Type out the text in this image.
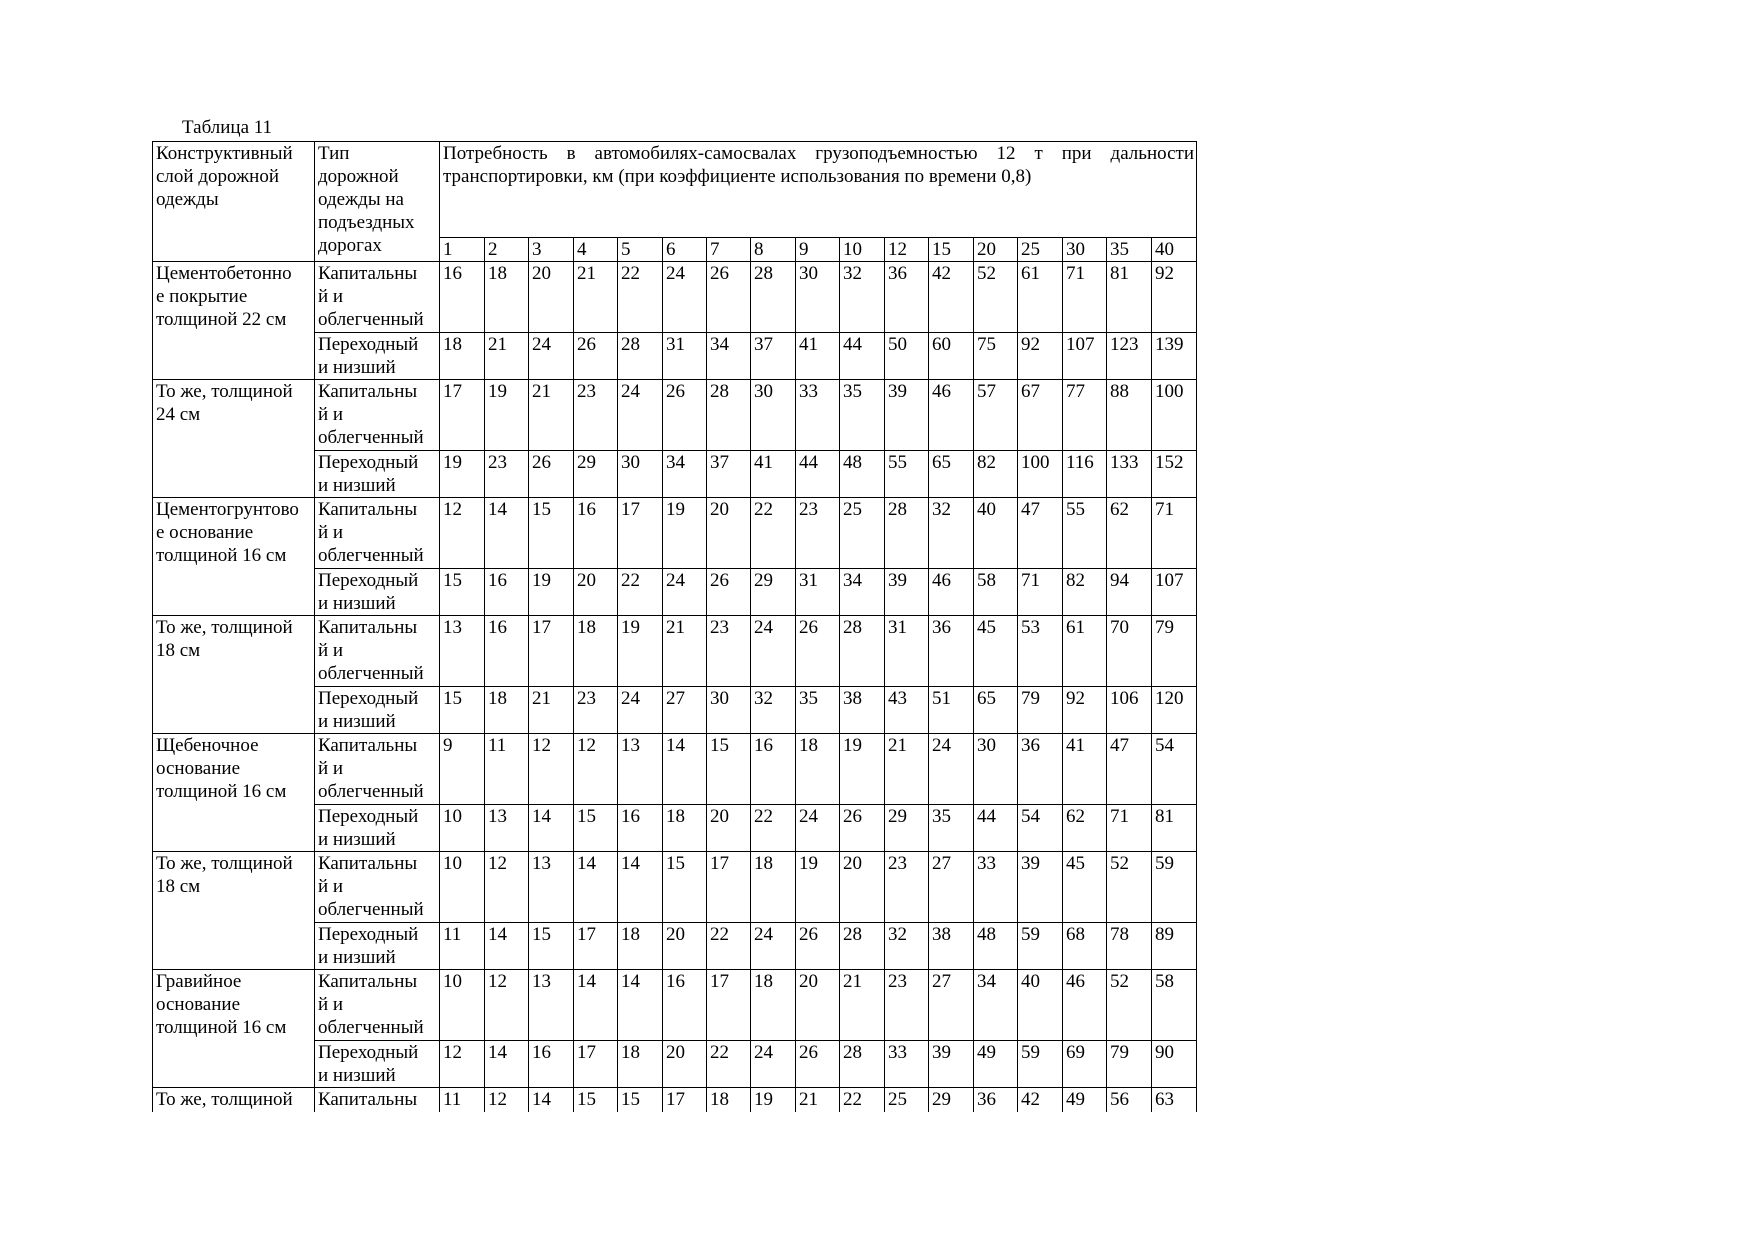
Таблица 11
Конструктивный
слой дорожной
одежды	Тип
дорожной
одежды на
подъездных
дорогах	Потребность в автомобилях-самосвалах грузоподъемностью 12 т при дальности транспортировки, км (при коэффициенте использования по времени 0,8)																
		1	2	3	4	5	6	7	8	9	10	12	15	20	25	30	35	40

Цементобетонно
е покрытие
толщиной 22 см	Капитальны
й и
облегченный	16	18	20	21	22	24	26	28	30	32	36	42	52	61	71	81	92

	Переходный
и низший	18	21	24	26	28	31	34	37	41	44	50	60	75	92	107	123	139

То же, толщиной
24 см	Капитальны
й и
облегченный	17	19	21	23	24	26	28	30	33	35	39	46	57	67	77	88	100

	Переходный
и низший	19	23	26	29	30	34	37	41	44	48	55	65	82	100	116	133	152

Цементогрунтово
е основание
толщиной 16 см	Капитальны
й и
облегченный	12	14	15	16	17	19	20	22	23	25	28	32	40	47	55	62	71

	Переходный
и низший	15	16	19	20	22	24	26	29	31	34	39	46	58	71	82	94	107

То же, толщиной
18 см	Капитальны
й и
облегченный	13	16	17	18	19	21	23	24	26	28	31	36	45	53	61	70	79

	Переходный
и низший	15	18	21	23	24	27	30	32	35	38	43	51	65	79	92	106	120

Щебеночное
основание
толщиной 16 см	Капитальны
й и
облегченный	9	11	12	12	13	14	15	16	18	19	21	24	30	36	41	47	54

	Переходный
и низший	10	13	14	15	16	18	20	22	24	26	29	35	44	54	62	71	81

То же, толщиной
18 см	Капитальны
й и
облегченный	10	12	13	14	14	15	17	18	19	20	23	27	33	39	45	52	59

	Переходный
и низший	11	14	15	17	18	20	22	24	26	28	32	38	48	59	68	78	89

Гравийное
основание
толщиной 16 см	Капитальны
й и
облегченный	10	12	13	14	14	16	17	18	20	21	23	27	34	40	46	52	58

	Переходный
и низший	12	14	16	17	18	20	22	24	26	28	33	39	49	59	69	79	90
То же, толщиной	Капитальны	11	12	14	15	15	17	18	19	21	22	25	29	36	42	49	56	63
